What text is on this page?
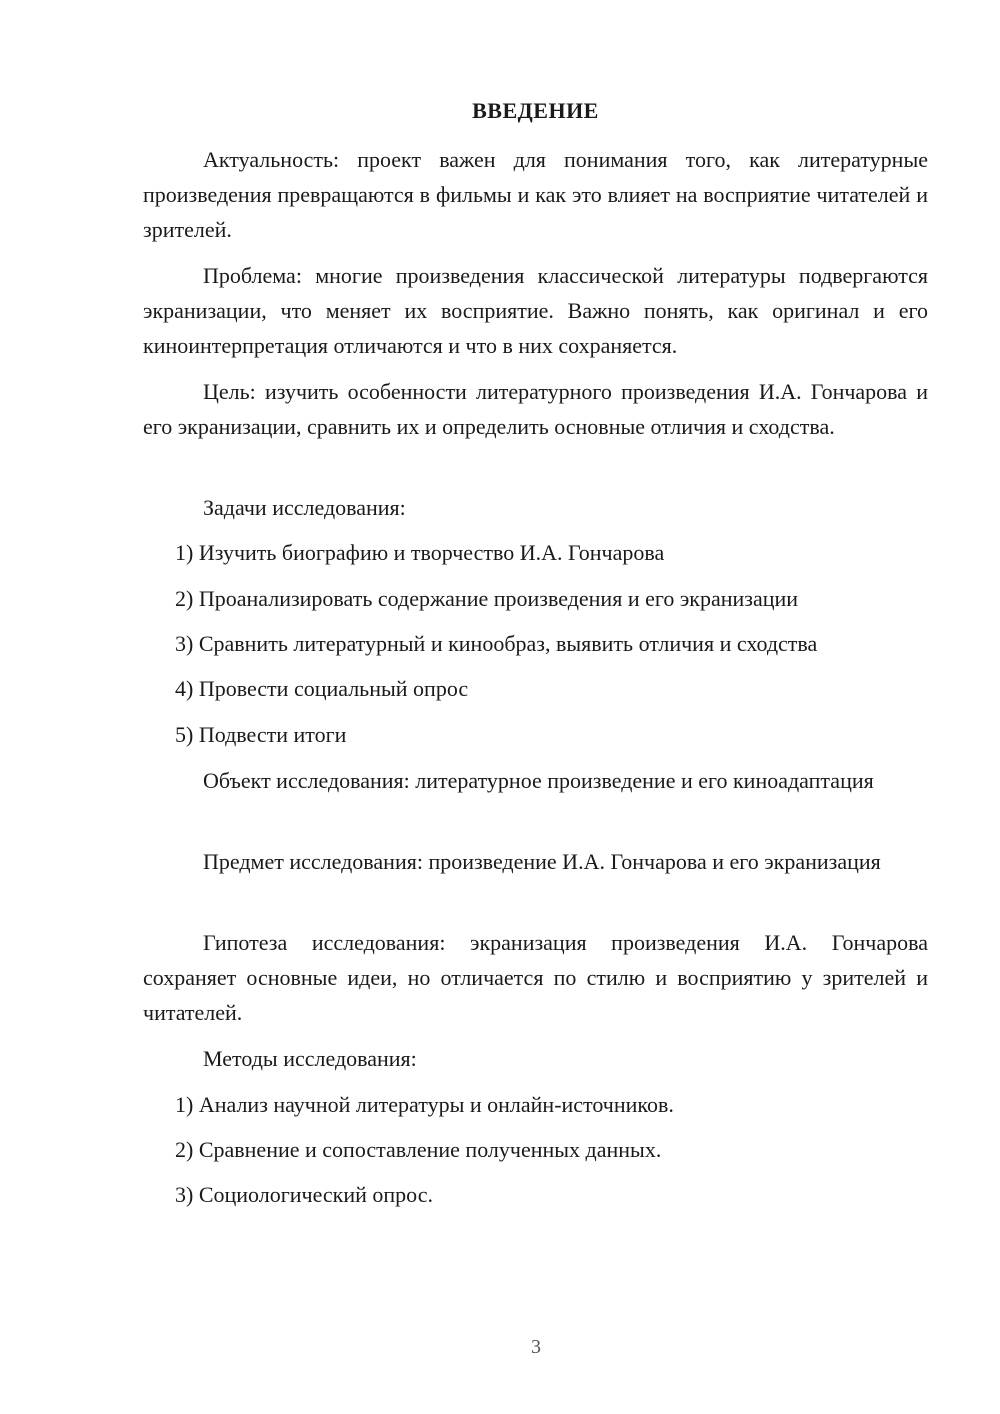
ВВЕДЕНИЕ

Актуальность: проект важен для понимания того, как литературные произведения превращаются в фильмы и как это влияет на восприятие читателей и зрителей.

Проблема: многие произведения классической литературы подвергаются экранизации, что меняет их восприятие. Важно понять, как оригинал и его киноинтерпретация отличаются и что в них сохраняется.

Цель: изучить особенности литературного произведения И.А. Гончарова и его экранизации, сравнить их и определить основные отличия и сходства.

Задачи исследования:

1) Изучить биографию и творчество И.А. Гончарова

2) Проанализировать содержание произведения и его экранизации

3) Сравнить литературный и кинообраз, выявить отличия и сходства

4) Провести социальный опрос

5) Подвести итоги

Объект исследования: литературное произведение и его киноадаптация

Предмет исследования: произведение И.А. Гончарова и его экранизация

Гипотеза исследования: экранизация произведения И.А. Гончарова сохраняет основные идеи, но отличается по стилю и восприятию у зрителей и читателей.

Методы исследования:

1) Анализ научной литературы и онлайн-источников.

2) Сравнение и сопоставление полученных данных.

3) Социологический опрос.

3
